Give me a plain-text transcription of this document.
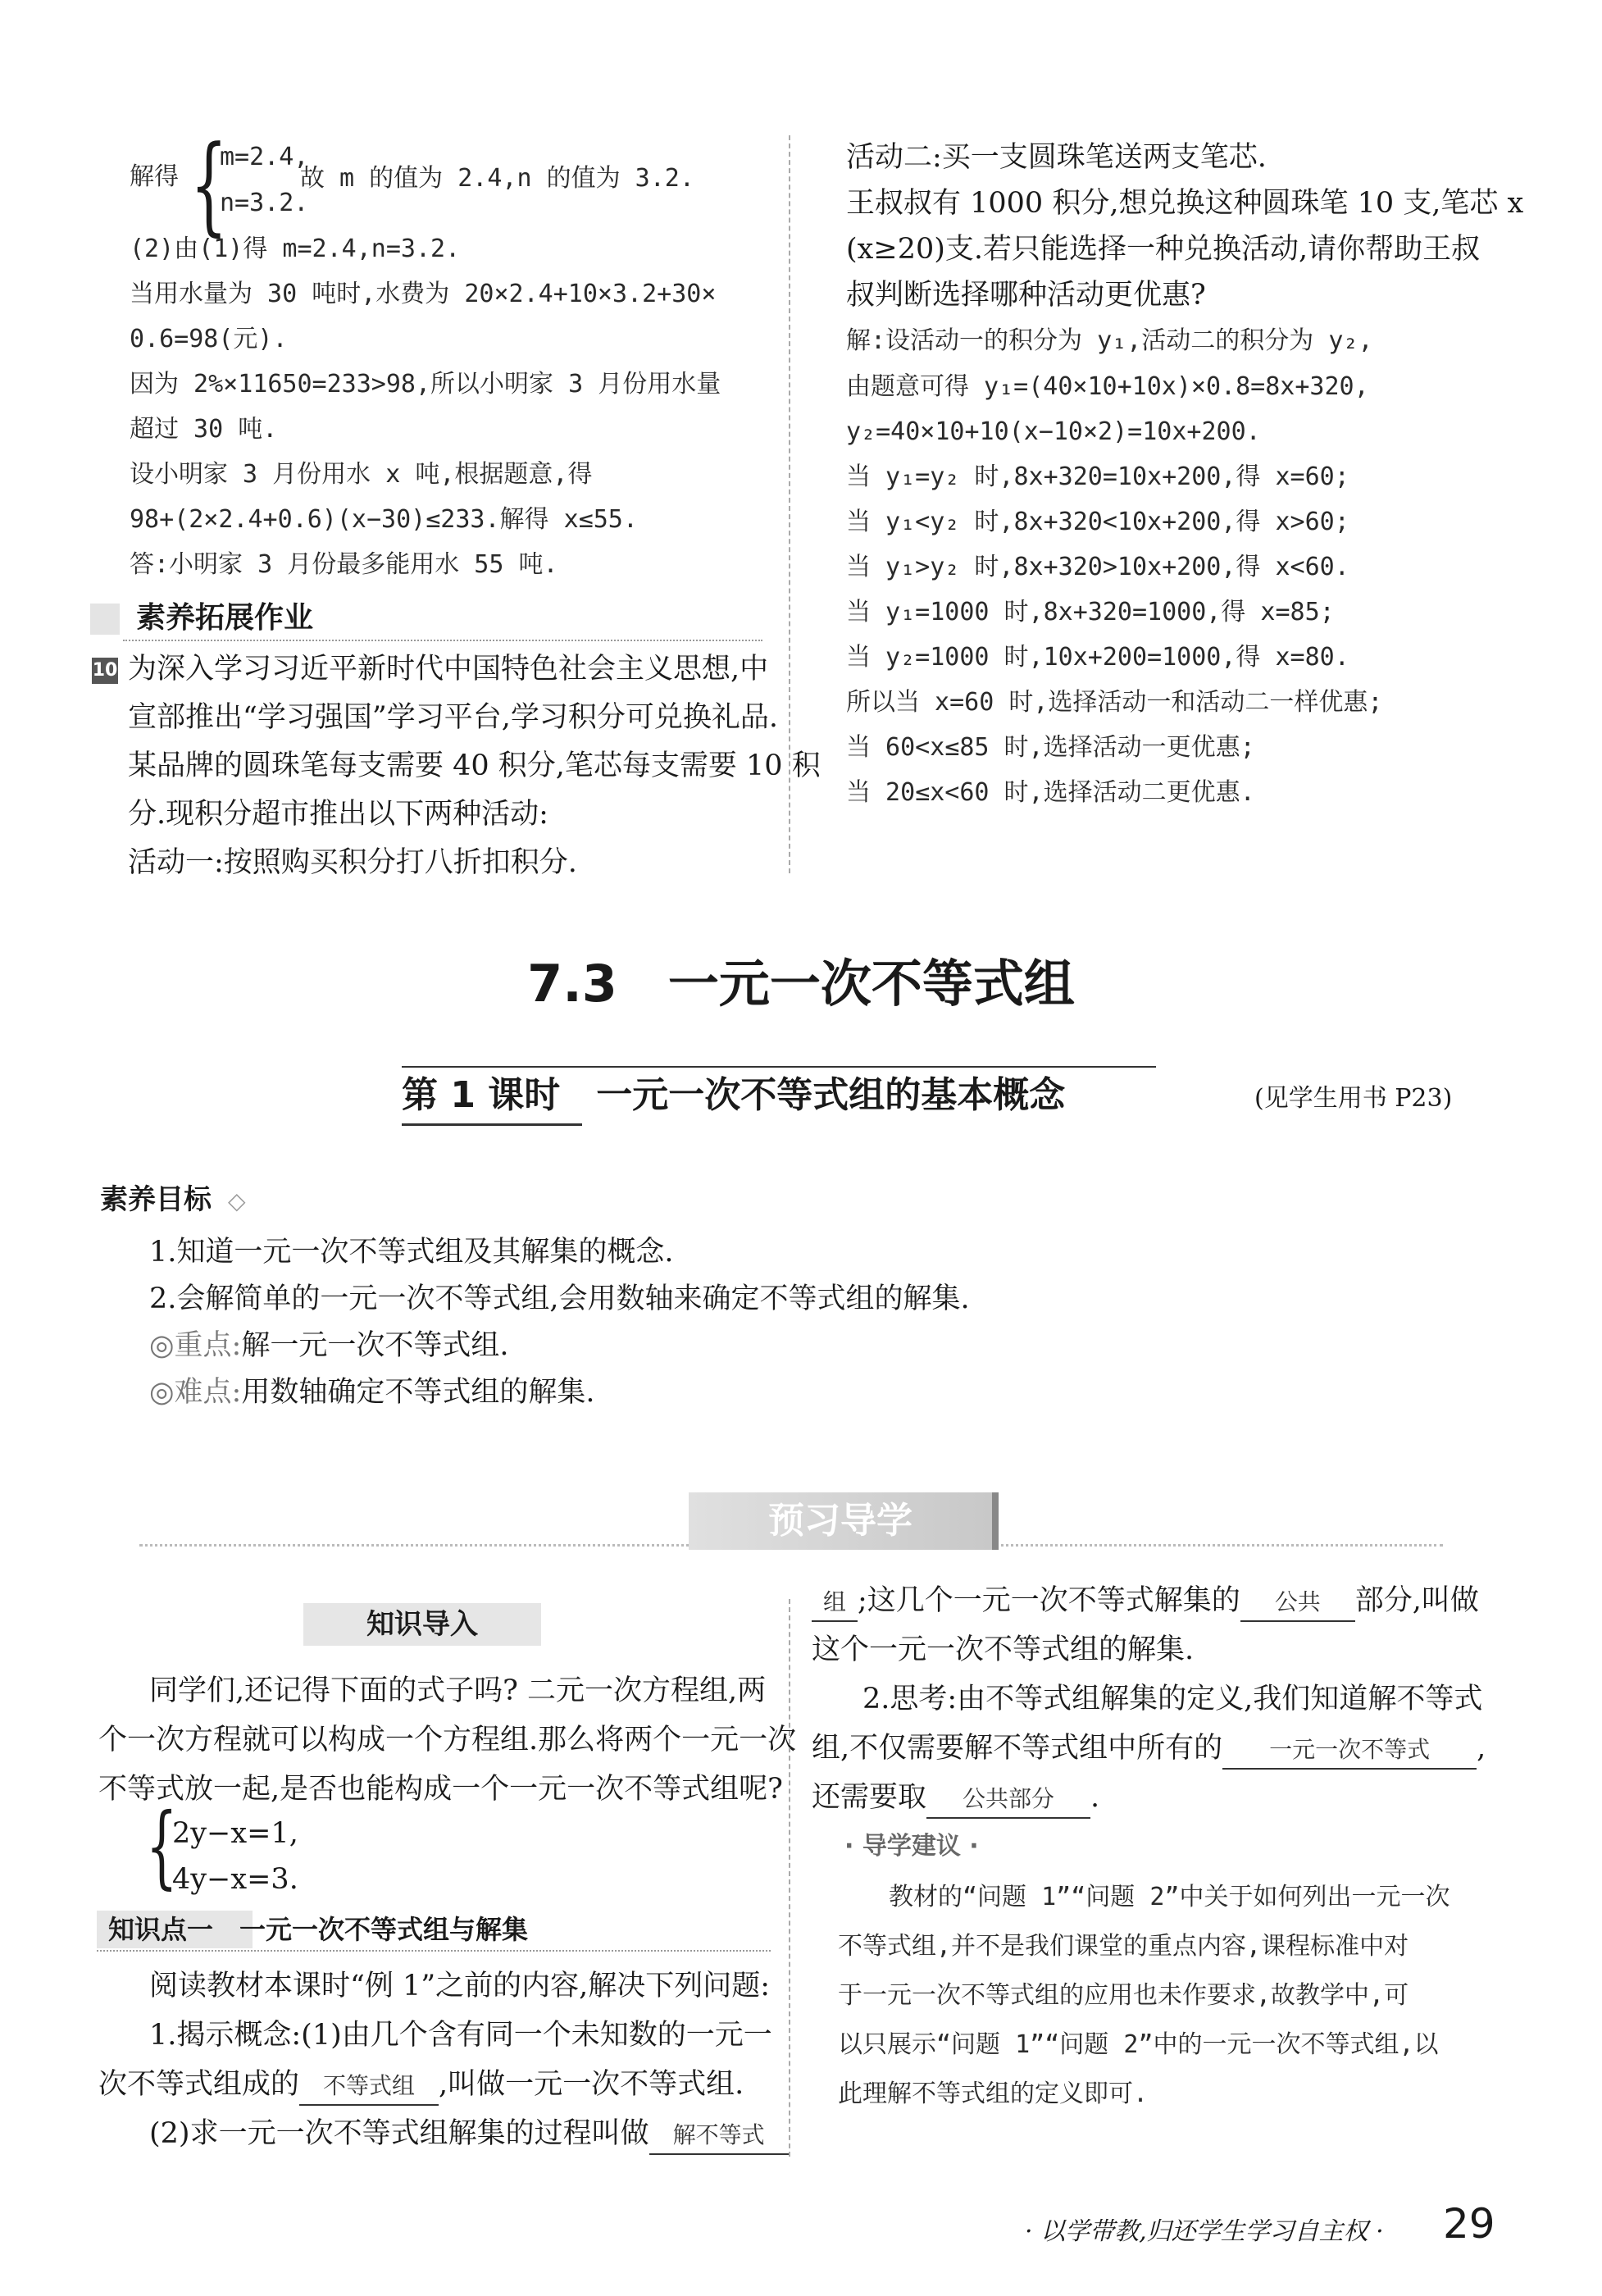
解得 {
m=2.4,
n=3.2.
故 m 的值为 2.4,n 的值为 3.2.
(2)由(1)得 m=2.4,n=3.2.
当用水量为 30 吨时,水费为 20×2.4+10×3.2+30×
0.6=98(元).
因为 2%×11650=233>98,所以小明家 3 月份用水量
超过 30 吨.
设小明家 3 月份用水 x 吨,根据题意,得
98+(2×2.4+0.6)(x−30)≤233.解得 x≤55.
答:小明家 3 月份最多能用水 55 吨.
素养拓展作业
10 为深入学习习近平新时代中国特色社会主义思想,中
宣部推出“学习强国”学习平台,学习积分可兑换礼品.
某品牌的圆珠笔每支需要 40 积分,笔芯每支需要 10 积
分.现积分超市推出以下两种活动:
活动一:按照购买积分打八折扣积分.
活动二:买一支圆珠笔送两支笔芯.
王叔叔有 1000 积分,想兑换这种圆珠笔 10 支,笔芯 x
(x≥20)支.若只能选择一种兑换活动,请你帮助王叔
叔判断选择哪种活动更优惠?
解:设活动一的积分为 y₁,活动二的积分为 y₂,
由题意可得 y₁=(40×10+10x)×0.8=8x+320,
y₂=40×10+10(x−10×2)=10x+200.
当 y₁=y₂ 时,8x+320=10x+200,得 x=60;
当 y₁<y₂ 时,8x+320<10x+200,得 x>60;
当 y₁>y₂ 时,8x+320>10x+200,得 x<60.
当 y₁=1000 时,8x+320=1000,得 x=85;
当 y₂=1000 时,10x+200=1000,得 x=80.
所以当 x=60 时,选择活动一和活动二一样优惠;
当 60<x≤85 时,选择活动一更优惠;
当 20≤x<60 时,选择活动二更优惠.
7.3　一元一次不等式组
第 1 课时　一元一次不等式组的基本概念	(见学生用书 P23)
素养目标 ◇
1.知道一元一次不等式组及其解集的概念.
2.会解简单的一元一次不等式组,会用数轴来确定不等式组的解集.
◎重点:解一元一次不等式组.
◎难点:用数轴确定不等式组的解集.
预习导学
知识导入
同学们,还记得下面的式子吗? 二元一次方程组,两
个一次方程就可以构成一个方程组.那么将两个一元一次
不等式放一起,是否也能构成一个一元一次不等式组呢?
{
2y−x=1,
4y−x=3.
知识点一　一元一次不等式组与解集
阅读教材本课时“例 1”之前的内容,解决下列问题:
1.揭示概念:(1)由几个含有同一个未知数的一元一
次不等式组成的 不等式组 ,叫做一元一次不等式组.
(2)求一元一次不等式组解集的过程叫做 解不等式
组 ;这几个一元一次不等式解集的 公共 部分,叫做
这个一元一次不等式组的解集.
2.思考:由不等式组解集的定义,我们知道解不等式
组,不仅需要解不等式组中所有的 一元一次不等式 ,
还需要取 公共部分 .
· 导学建议 ·
教材的“问题 1”“问题 2”中关于如何列出一元一次
不等式组,并不是我们课堂的重点内容,课程标准中对
于一元一次不等式组的应用也未作要求,故教学中,可
以只展示“问题 1”“问题 2”中的一元一次不等式组,以
此理解不等式组的定义即可.
· 以学带教,归还学生学习自主权 · 29
